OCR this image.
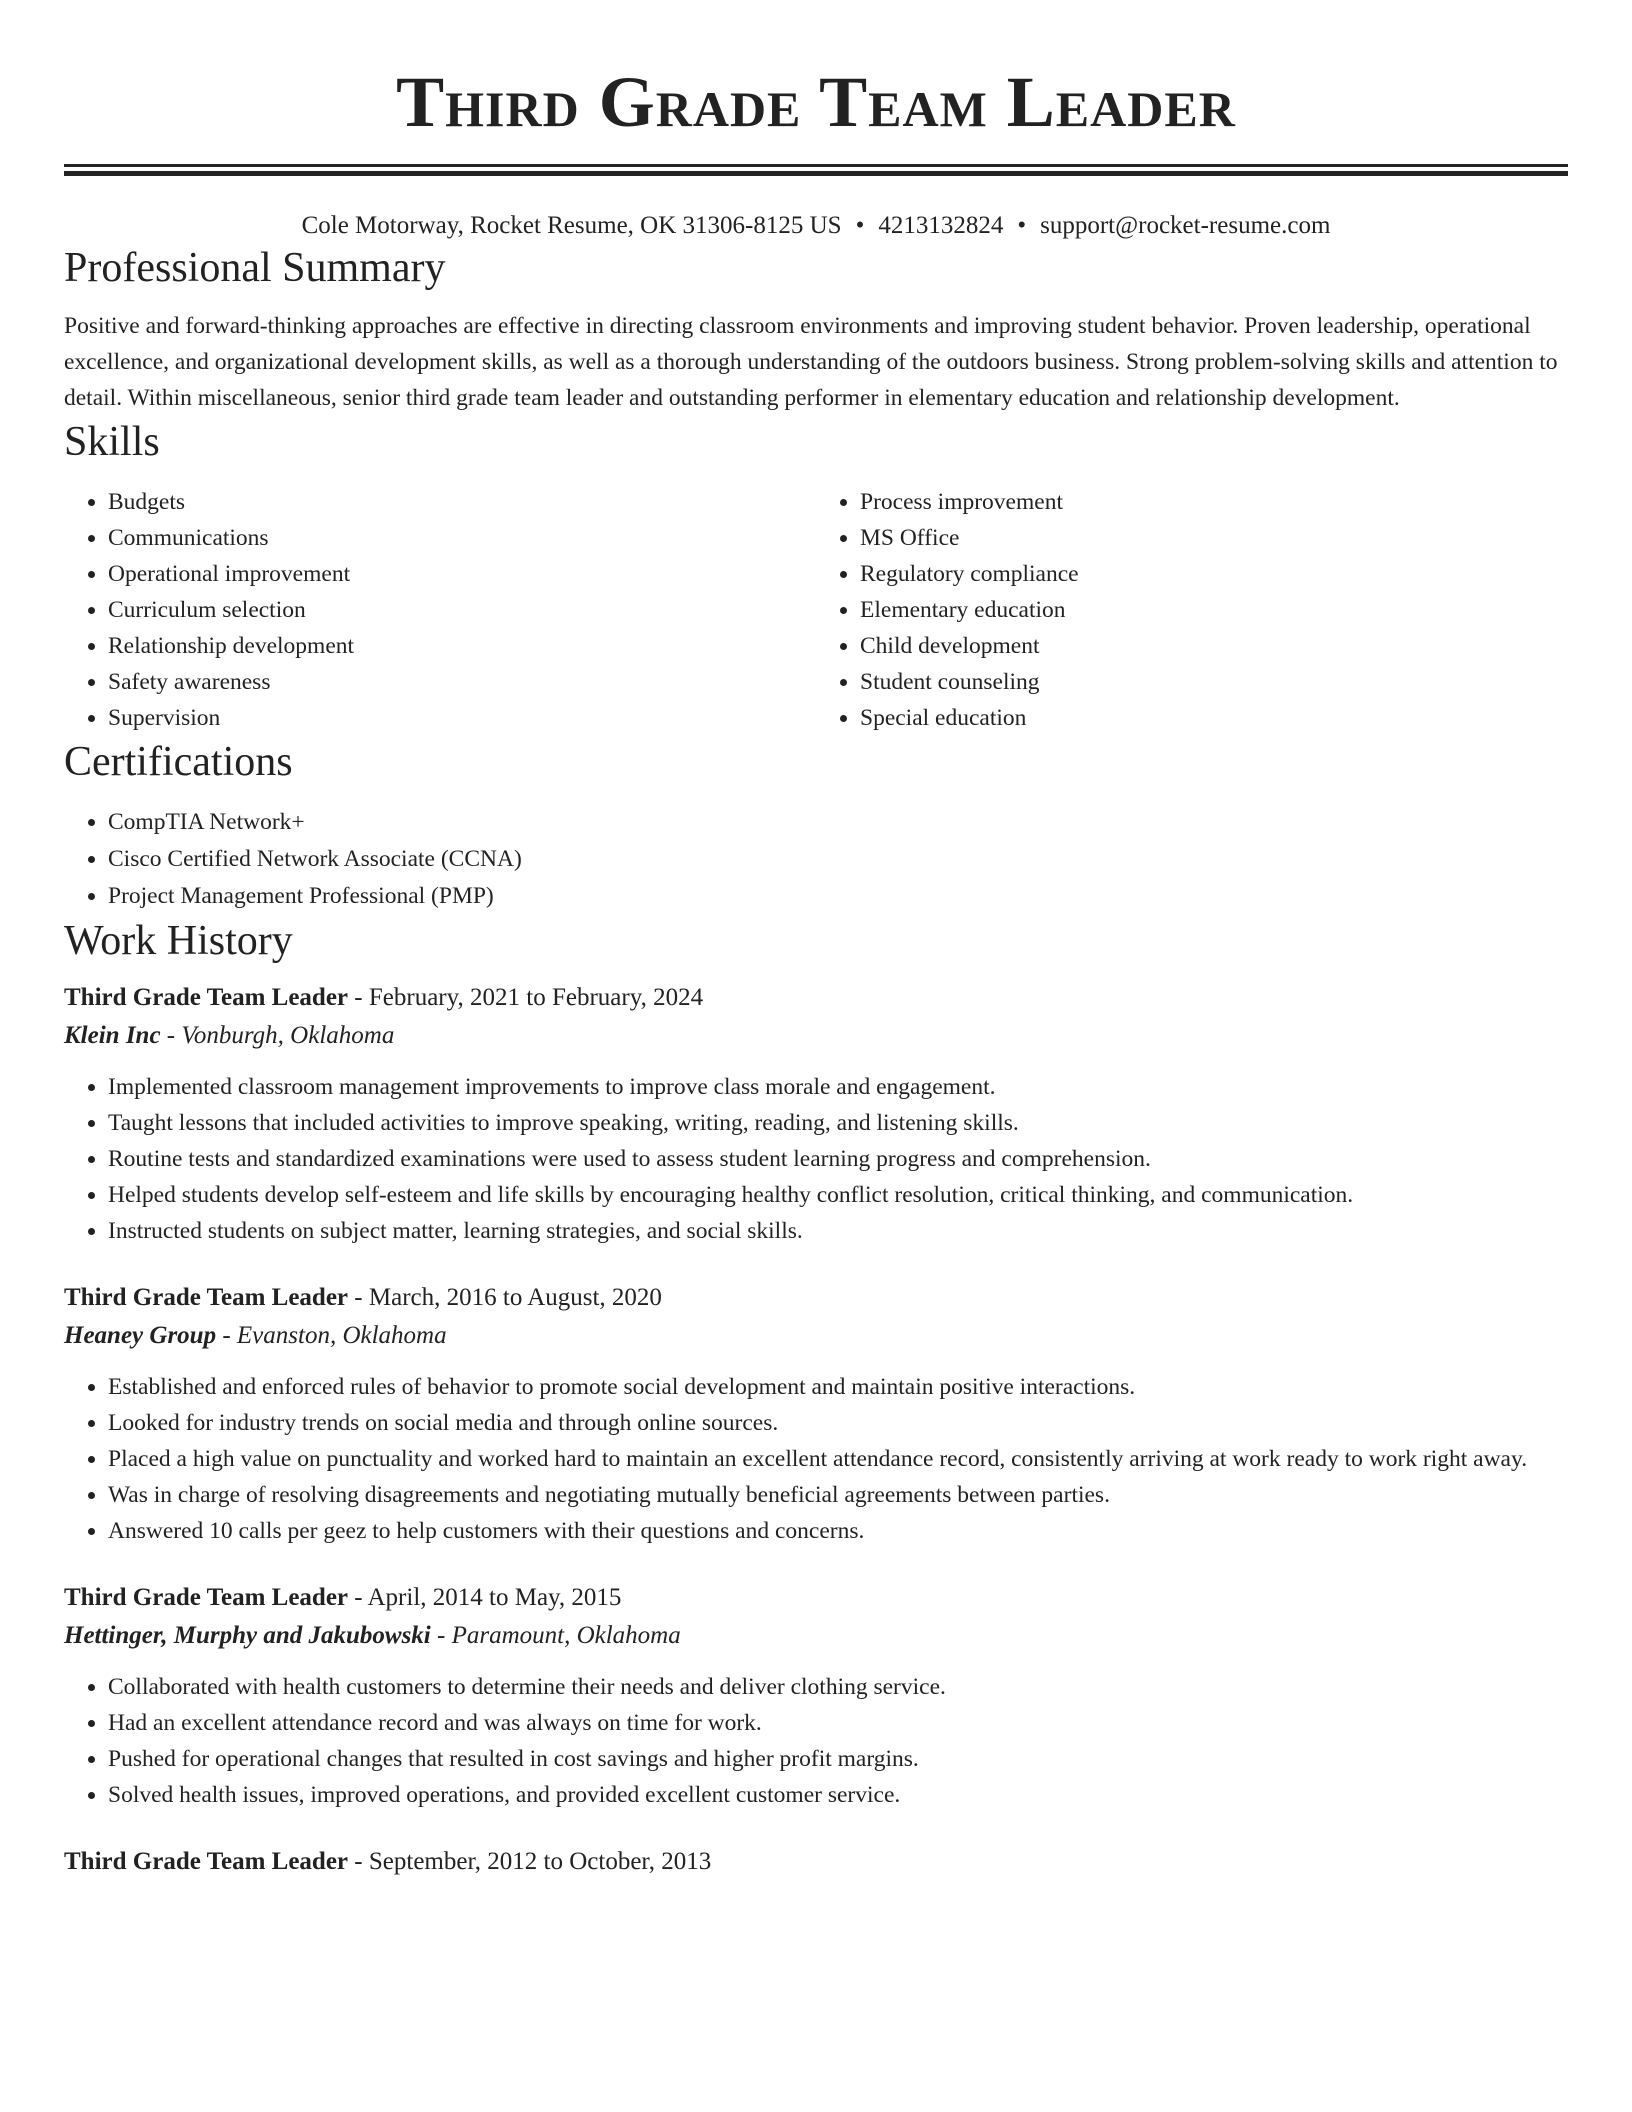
Third Grade Team Leader
Cole Motorway, Rocket Resume, OK 31306-8125 US • 4213132824 • support@rocket-resume.com
Professional Summary

Positive and forward-thinking approaches are effective in directing classroom environments and improving student behavior. Proven leadership, operational excellence, and organizational development skills, as well as a thorough understanding of the outdoors business. Strong problem-solving skills and attention to detail. Within miscellaneous, senior third grade team leader and outstanding performer in elementary education and relationship development.

Skills
• Budgets
• Communications
• Operational improvement
• Curriculum selection
• Relationship development
• Safety awareness
• Supervision
• Process improvement
• MS Office
• Regulatory compliance
• Elementary education
• Child development
• Student counseling
• Special education
Certifications
• CompTIA Network+
• Cisco Certified Network Associate (CCNA)
• Project Management Professional (PMP)
Work History
Third Grade Team Leader - February, 2021 to February, 2024
Klein Inc - Vonburgh, Oklahoma
• Implemented classroom management improvements to improve class morale and engagement.
• Taught lessons that included activities to improve speaking, writing, reading, and listening skills.
• Routine tests and standardized examinations were used to assess student learning progress and comprehension.
• Helped students develop self-esteem and life skills by encouraging healthy conflict resolution, critical thinking, and communication.
• Instructed students on subject matter, learning strategies, and social skills.
Third Grade Team Leader - March, 2016 to August, 2020
Heaney Group - Evanston, Oklahoma
• Established and enforced rules of behavior to promote social development and maintain positive interactions.
• Looked for industry trends on social media and through online sources.
• Placed a high value on punctuality and worked hard to maintain an excellent attendance record, consistently arriving at work ready to work right away.
• Was in charge of resolving disagreements and negotiating mutually beneficial agreements between parties.
• Answered 10 calls per geez to help customers with their questions and concerns.
Third Grade Team Leader - April, 2014 to May, 2015
Hettinger, Murphy and Jakubowski - Paramount, Oklahoma
• Collaborated with health customers to determine their needs and deliver clothing service.
• Had an excellent attendance record and was always on time for work.
• Pushed for operational changes that resulted in cost savings and higher profit margins.
• Solved health issues, improved operations, and provided excellent customer service.
Third Grade Team Leader - September, 2012 to October, 2013
